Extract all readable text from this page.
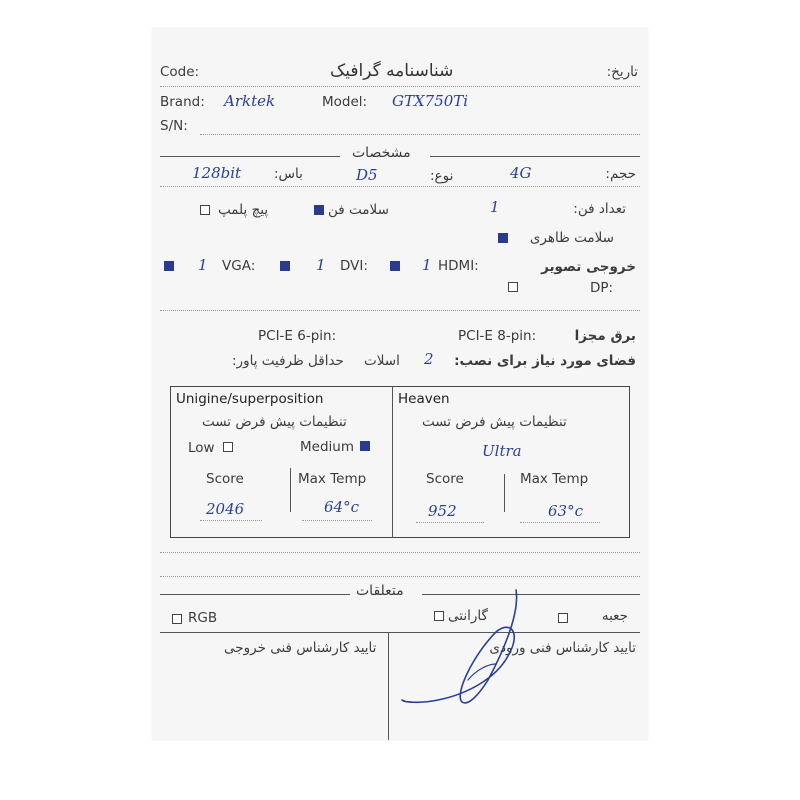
Code:	شناسنامه گرافیک	تاریخ:
Brand: Arktek	Model: GTX750Ti
S/N:
مشخصات
حجم:
4G
نوع:
D5
باس:
128bit
تعداد فن:
1
سلامت فن
پیچ پلمپ
سلامت ظاهری
خروجی تصویر
HDMI:
1
DVI:
1
VGA:
1
DP:
برق مجزا
PCI-E 8-pin:
PCI-E 6-pin:
فضای مورد نیاز برای نصب:
2
اسلات
حداقل ظرفیت پاور:
Unigine/superposition
تنظیمات پیش فرض تست
Low	Medium
Score	Max Temp
2046	64°c
Heaven
تنظیمات پیش فرض تست
Ultra
Score	Max Temp
952	63°c
متعلقات
جعبه
گارانتی
RGB
تایید کارشناس فنی ورودی
تایید کارشناس فنی خروجی
